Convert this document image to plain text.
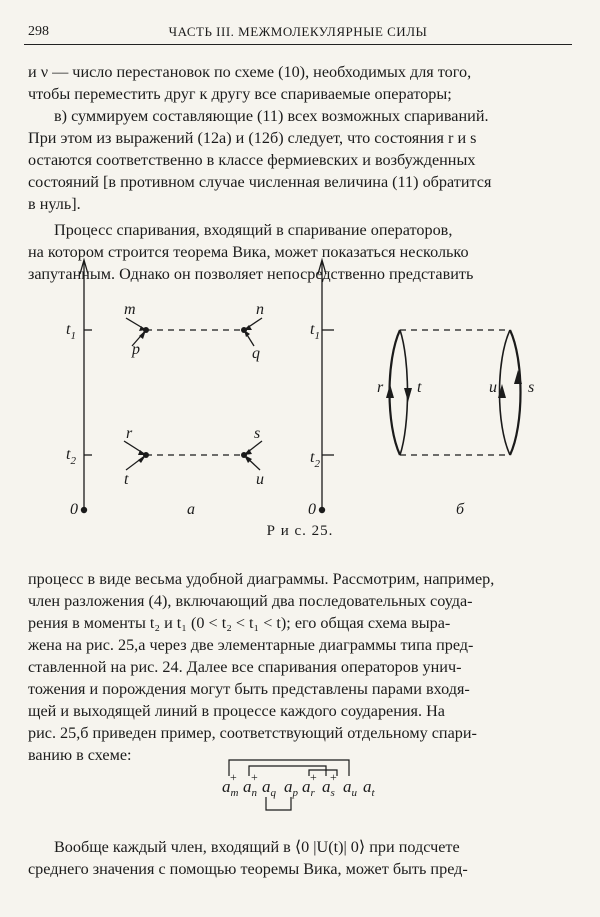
298	ЧАСТЬ III. МЕЖМОЛЕКУЛЯРНЫЕ СИЛЫ

и ν — число перестановок по схеме (10), необходимых для того,

чтобы переместить друг к другу все спариваемые операторы;

в) суммируем составляющие (11) всех возможных спариваний.

При этом из выражений (12а) и (12б) следует, что состояния r и s

остаются соответственно в классе фермиевских и возбужденных

состояний [в противном случае численная величина (11) обратится

в нуль].

Процесс спаривания, входящий в спаривание операторов,

на котором строится теорема Вика, может показаться несколько

запутанным. Однако он позволяет непосредственно представить

$t_1$
$t_2$
0
m
p
n
q
r
t
s
u
а
$t_1$
$t_2$
0
r t	u s
б
Р и с. 25.

процесс в виде весьма удобной диаграммы. Рассмотрим, например,

член разложения (4), включающий два последовательных соуда-

рения в моменты t₂ и t₁ (0 < t₂ < t₁ < t); его общая схема выра-

жена на рис. 25,а через две элементарные диаграммы типа пред-

ставленной на рис. 24. Далее все спаривания операторов унич-

тожения и порождения могут быть представлены парами входя-

щей и выходящей линий в процессе каждого соударения. На

рис. 25,б приведен пример, соответствующий отдельному спари-

ванию в схеме:

$a_m$
+ $a_n$
+ $a_q$ $a_p$ $a_r$
+ $a_s$
+ $a_u$ $a_t$

Вообще каждый член, входящий в ⟨0 |U(t)| 0⟩ при подсчете

среднего значения с помощью теоремы Вика, может быть пред-
